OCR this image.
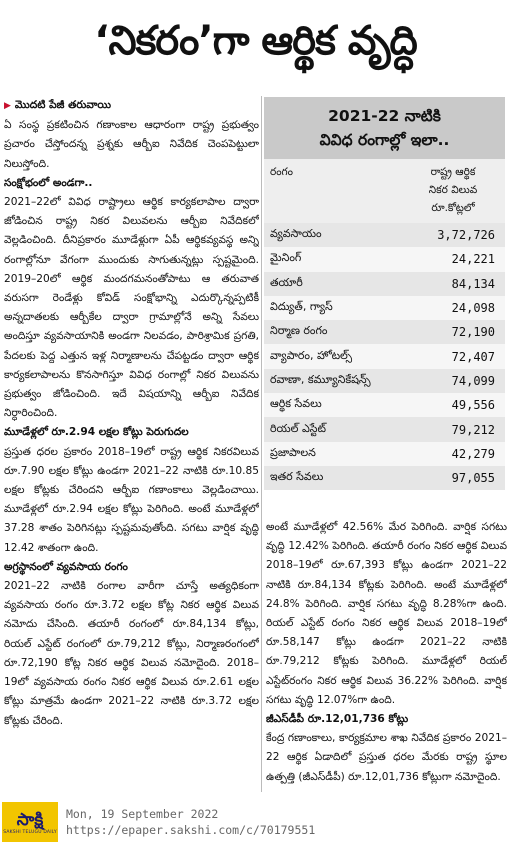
‘నికరం’గా ఆర్థిక వృద్ధి

▶ మొదటి పేజీ తరువాయి

ఏ సంస్థ ప్రకటించిన గణాంకాల ఆధారంగా రాష్ట్ర ప్రభుత్వం ప్రచారం చేస్తోందన్న ప్రశ్నకు ఆర్బీఐ నివేదిక చెంపపెట్టులా నిలుస్తోంది.

సంక్షోభంలో అండగా..

2021–22లో వివిధ రాష్ట్రాలు ఆర్థిక కార్యకలాపాల ద్వారా జోడించిన రాష్ట్ర నికర విలువలను ఆర్బీఐ నివేదికలో వెల్లడించింది. దీనిప్రకారం మూడేళ్లుగా ఏపీ ఆర్థికవ్యవస్థ అన్ని రంగాల్లోనూ వేగంగా ముందుకు సాగుతున్నట్లు స్పష్టమైంది. 2019–20లో ఆర్థిక మందగమనంతోపాటు ఆ తరువాత వరుసగా రెండేళ్లు కోవిడ్ సంక్షోభాన్ని ఎదుర్కొన్నప్పటికీ అన్నదాతలకు ఆర్బీకేల ద్వారా గ్రామాల్లోనే అన్ని సేవలు అందిస్తూ వ్యవసాయానికి అండగా నిలవడం, పారిశ్రామిక ప్రగతి, పేదలకు పెద్ద ఎత్తున ఇళ్ల నిర్మాణాలను చేపట్టడం ద్వారా ఆర్థిక కార్యకలాపాలను కొనసాగిస్తూ వివిధ రంగాల్లో నికర విలువను ప్రభుత్వం జోడించింది. ఇదే విషయాన్ని ఆర్బీఐ నివేదిక నిర్ధారించింది.

మూడేళ్లలో రూ.2.94 లక్షల కోట్లు పెరుగుదల

ప్రస్తుత ధరల ప్రకారం 2018–19లో రాష్ట్ర ఆర్థిక నికరవిలువ రూ.7.90 లక్షల కోట్లు ఉండగా 2021–22 నాటికి రూ.10.85 లక్షల కోట్లకు చేరిందని ఆర్బీఐ గణాంకాలు వెల్లడించాయి. మూడేళ్లలో రూ.2.94 లక్షల కోట్లు పెరిగింది. అంటే మూడేళ్లలో 37.28 శాతం పెరిగినట్లు స్పష్టమవుతోంది. సగటు వార్షిక వృద్ధి 12.42 శాతంగా ఉంది.

అగ్రస్థానంలో వ్యవసాయ రంగం

2021–22 నాటికి రంగాల వారీగా చూస్తే అత్యధికంగా వ్యవసాయ రంగం రూ.3.72 లక్షల కోట్ల నికర ఆర్థిక విలువ నమోదు చేసింది. తయారీ రంగంలో రూ.84,134 కోట్లు, రియల్ ఎస్టేట్ రంగంలో రూ.79,212 కోట్లు, నిర్మాణరంగంలో రూ.72,190 కోట్ల నికర ఆర్థిక విలువ నమోదైంది. 2018–19లో వ్యవసాయ రంగం నికర ఆర్థిక విలువ రూ.2.61 లక్షల కోట్లు మాత్రమే ఉండగా 2021–22 నాటికి రూ.3.72 లక్షల కోట్లకు చేరింది.

2021-22 నాటికి
వివిధ రంగాల్లో ఇలా..
రంగం	రాష్ట్ర ఆర్థిక
నికర విలువ
రూ.కోట్లలో
వ్యవసాయం	3,72,726
మైనింగ్	24,221
తయారీ	84,134
విద్యుత్, గ్యాస్	24,098
నిర్మాణ రంగం	72,190
వ్యాపారం, హోటల్స్	72,407
రవాణా, కమ్యూనికేషన్స్	74,099
ఆర్థిక సేవలు	49,556
రియల్ ఎస్టేట్	79,212
ప్రజాపాలన	42,279
ఇతర సేవలు	97,055

అంటే మూడేళ్లలో 42.56% మేర పెరిగింది. వార్షిక సగటు వృద్ధి 12.42% పెరిగింది. తయారీ రంగం నికర ఆర్థిక విలువ 2018–19లో రూ.67,393 కోట్లు ఉండగా 2021–22 నాటికి రూ.84,134 కోట్లకు పెరిగింది. అంటే మూడేళ్లలో 24.8% పెరిగింది. వార్షిక సగటు వృద్ధి 8.28%గా ఉంది. రియల్ ఎస్టేట్ రంగం నికర ఆర్థిక విలువ 2018–19లో రూ.58,147 కోట్లు ఉండగా 2021–22 నాటికి రూ.79,212 కోట్లకు పెరిగింది. మూడేళ్లలో రియల్ ఎస్టేట్‌రంగం నికర ఆర్థిక విలువ 36.22% పెరిగింది. వార్షిక సగటు వృద్ధి 12.07%గా ఉంది.

జీఎస్‌డీపీ రూ.12,01,736 కోట్లు

కేంద్ర గణాంకాలు, కార్యక్రమాల శాఖ నివేదిక ప్రకారం 2021–22 ఆర్థిక ఏడాదిలో ప్రస్తుత ధరల మేరకు రాష్ట్ర స్థూల ఉత్పత్తి (జీఎస్‌డీపీ) రూ.12,01,736 కోట్లుగా నమోదైంది.

సాక్షి
SAKSHI TELUGU DAILY
Mon, 19 September 2022
https://epaper.sakshi.com/c/70179551
